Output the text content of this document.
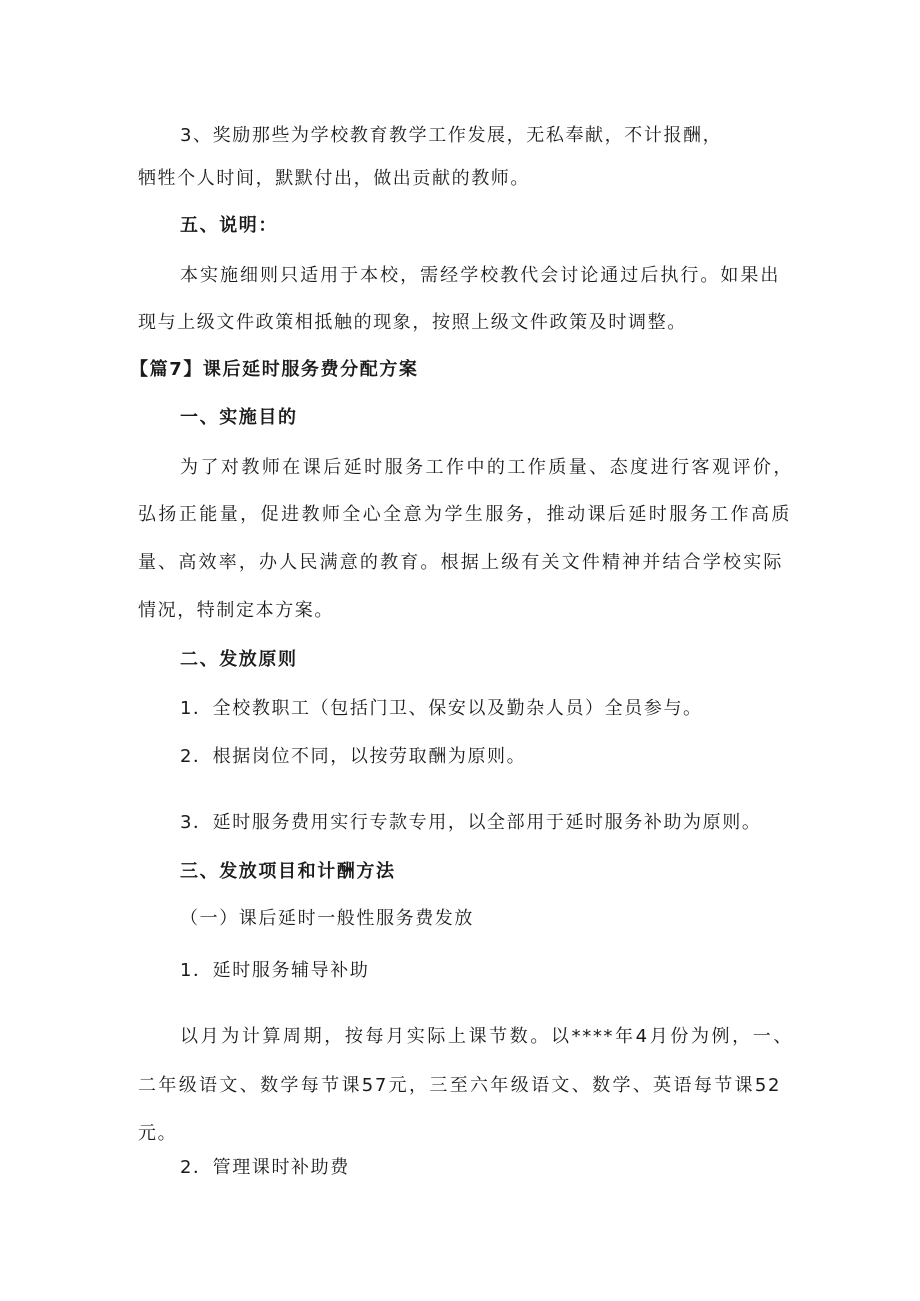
3、奖励那些为学校教育教学工作发展，无私奉献，不计报酬，

牺牲个人时间，默默付出，做出贡献的教师。

五、说明：

本实施细则只适用于本校，需经学校教代会讨论通过后执行。如果出

现与上级文件政策相抵触的现象，按照上级文件政策及时调整。

【篇7】课后延时服务费分配方案

一、实施目的

为了对教师在课后延时服务工作中的工作质量、态度进行客观评价，

弘扬正能量，促进教师全心全意为学生服务，推动课后延时服务工作高质

量、高效率，办人民满意的教育。根据上级有关文件精神并结合学校实际

情况，特制定本方案。

二、发放原则

1．全校教职工（包括门卫、保安以及勤杂人员）全员参与。

2．根据岗位不同，以按劳取酬为原则。

3．延时服务费用实行专款专用，以全部用于延时服务补助为原则。

三、发放项目和计酬方法

（一）课后延时一般性服务费发放

1．延时服务辅导补助

以月为计算周期，按每月实际上课节数。以****年4月份为例，一、

二年级语文、数学每节课57元，三至六年级语文、数学、英语每节课52

元。

2．管理课时补助费
